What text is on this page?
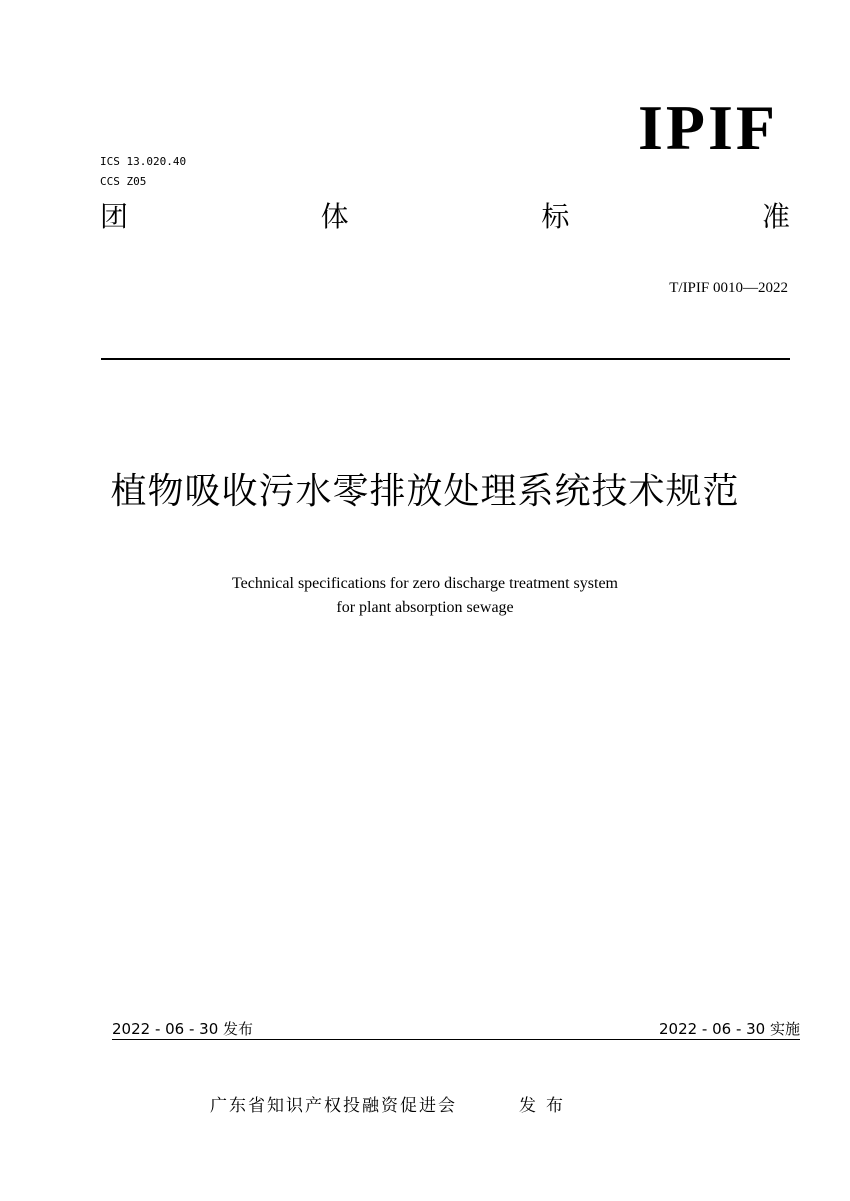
IPIF
ICS 13.020.40
CCS Z05
团	体	标	准
T/IPIF 0010—2022
植物吸收污水零排放处理系统技术规范
Technical specifications for zero discharge treatment system
for plant absorption sewage
2022 - 06 - 30 发布	2022 - 06 - 30 实施
广东省知识产权投融资促进会	发布
